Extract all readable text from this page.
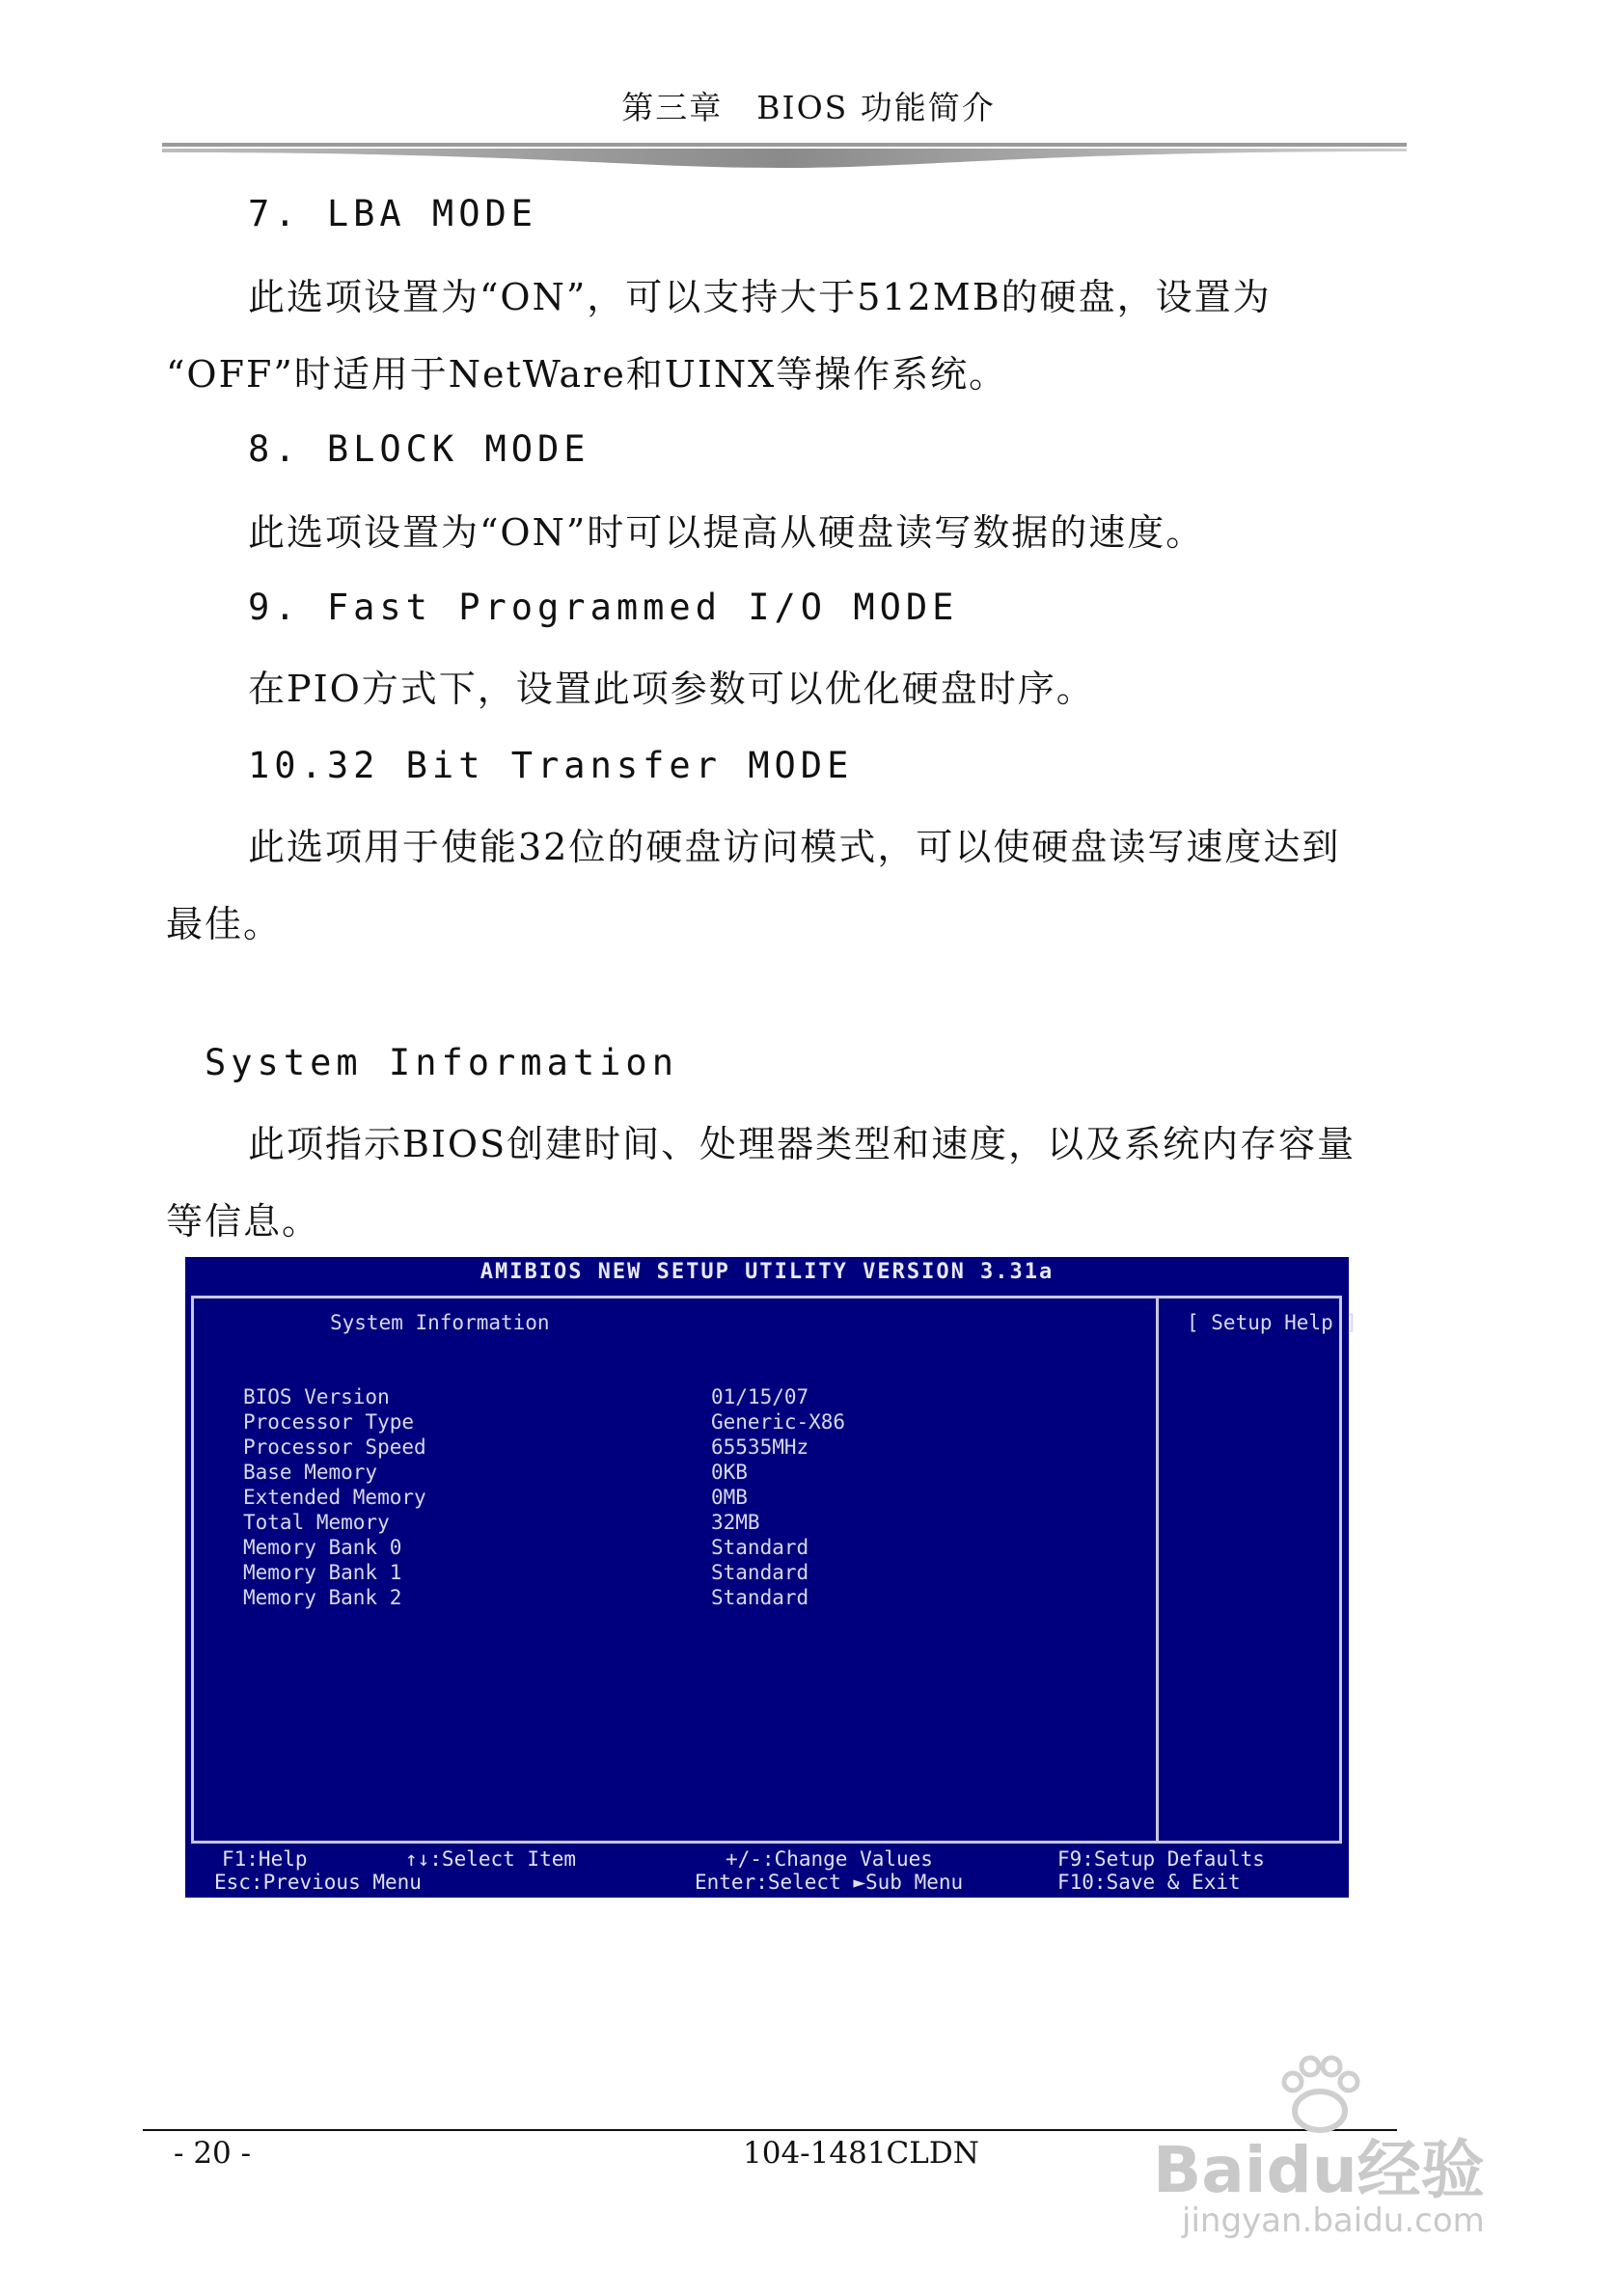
第三章　BIOS 功能简介
7. LBA MODE
此选项设置为“ON”，可以支持大于512MB的硬盘，设置为
“OFF”时适用于NetWare和UINX等操作系统。
8. BLOCK MODE
此选项设置为“ON”时可以提高从硬盘读写数据的速度。
9. Fast Programmed I/O MODE
在PIO方式下，设置此项参数可以优化硬盘时序。
10.32 Bit Transfer MODE
此选项用于使能32位的硬盘访问模式，可以使硬盘读写速度达到
最佳。
System Information
此项指示BIOS创建时间、处理器类型和速度，以及系统内存容量
等信息。
AMIBIOS NEW SETUP UTILITY VERSION 3.31a
System Information	[ Setup Help ]
BIOS Version	01/15/07
Processor Type	Generic-X86
Processor Speed	65535MHz
Base Memory	0KB
Extended Memory	0MB
Total Memory	32MB
Memory Bank 0	Standard
Memory Bank 1	Standard
Memory Bank 2	Standard
F1:Help	↑↓:Select Item	+/-:Change Values	F9:Setup Defaults
Esc:Previous Menu	Enter:Select ►Sub Menu	F10:Save & Exit
- 20 -	104-1481CLDN	Baidu经验
jingyan.baidu.com
